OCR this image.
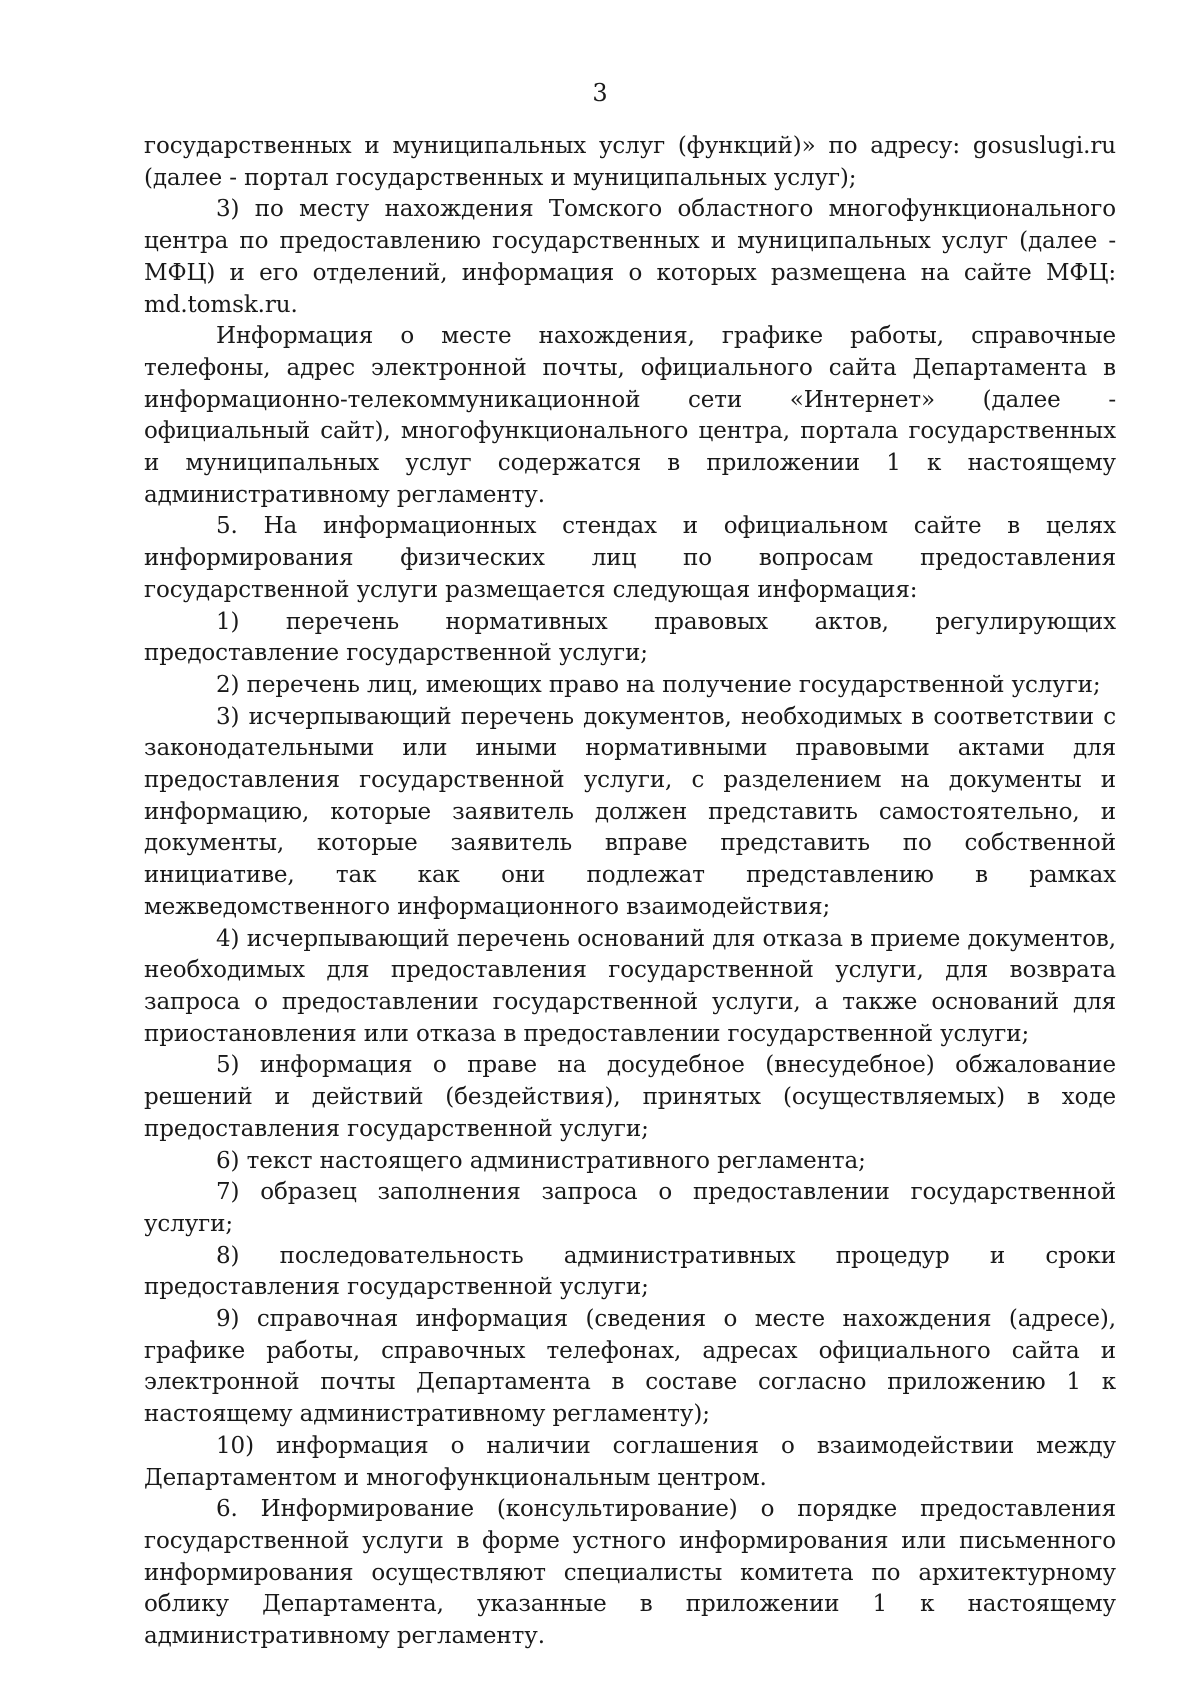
3

государственных и муниципальных услуг (функций)» по адресу: gosuslugi.ru (далее - портал государственных и муниципальных услуг);

3) по месту нахождения Томского областного многофункционального центра по предоставлению государственных и муниципальных услуг (далее - МФЦ) и его отделений, информация о которых размещена на сайте МФЦ: md.tomsk.ru.

Информация о месте нахождения, графике работы, справочные телефоны, адрес электронной почты, официального сайта Департамента в информационно-телекоммуникационной сети «Интернет» (далее - официальный сайт), многофункционального центра, портала государственных и муниципальных услуг содержатся в приложении 1 к настоящему административному регламенту.

5. На информационных стендах и официальном сайте в целях информирования физических лиц по вопросам предоставления государственной услуги размещается следующая информация:

1) перечень нормативных правовых актов, регулирующих предоставление государственной услуги;

2) перечень лиц, имеющих право на получение государственной услуги;

3) исчерпывающий перечень документов, необходимых в соответствии с законодательными или иными нормативными правовыми актами для предоставления государственной услуги, с разделением на документы и информацию, которые заявитель должен представить самостоятельно, и документы, которые заявитель вправе представить по собственной инициативе, так как они подлежат представлению в рамках межведомственного информационного взаимодействия;

4) исчерпывающий перечень оснований для отказа в приеме документов, необходимых для предоставления государственной услуги, для возврата запроса о предоставлении государственной услуги, а также оснований для приостановления или отказа в предоставлении государственной услуги;

5) информация о праве на досудебное (внесудебное) обжалование решений и действий (бездействия), принятых (осуществляемых) в ходе предоставления государственной услуги;

6) текст настоящего административного регламента;

7) образец заполнения запроса о предоставлении государственной услуги;

8) последовательность административных процедур и сроки предоставления государственной услуги;

9) справочная информация (сведения о месте нахождения (адресе), графике работы, справочных телефонах, адресах официального сайта и электронной почты Департамента в составе согласно приложению 1 к настоящему административному регламенту);

10) информация о наличии соглашения о взаимодействии между Департаментом и многофункциональным центром.

6. Информирование (консультирование) о порядке предоставления государственной услуги в форме устного информирования или письменного информирования осуществляют специалисты комитета по архитектурному облику Департамента, указанные в приложении 1 к настоящему административному регламенту.
